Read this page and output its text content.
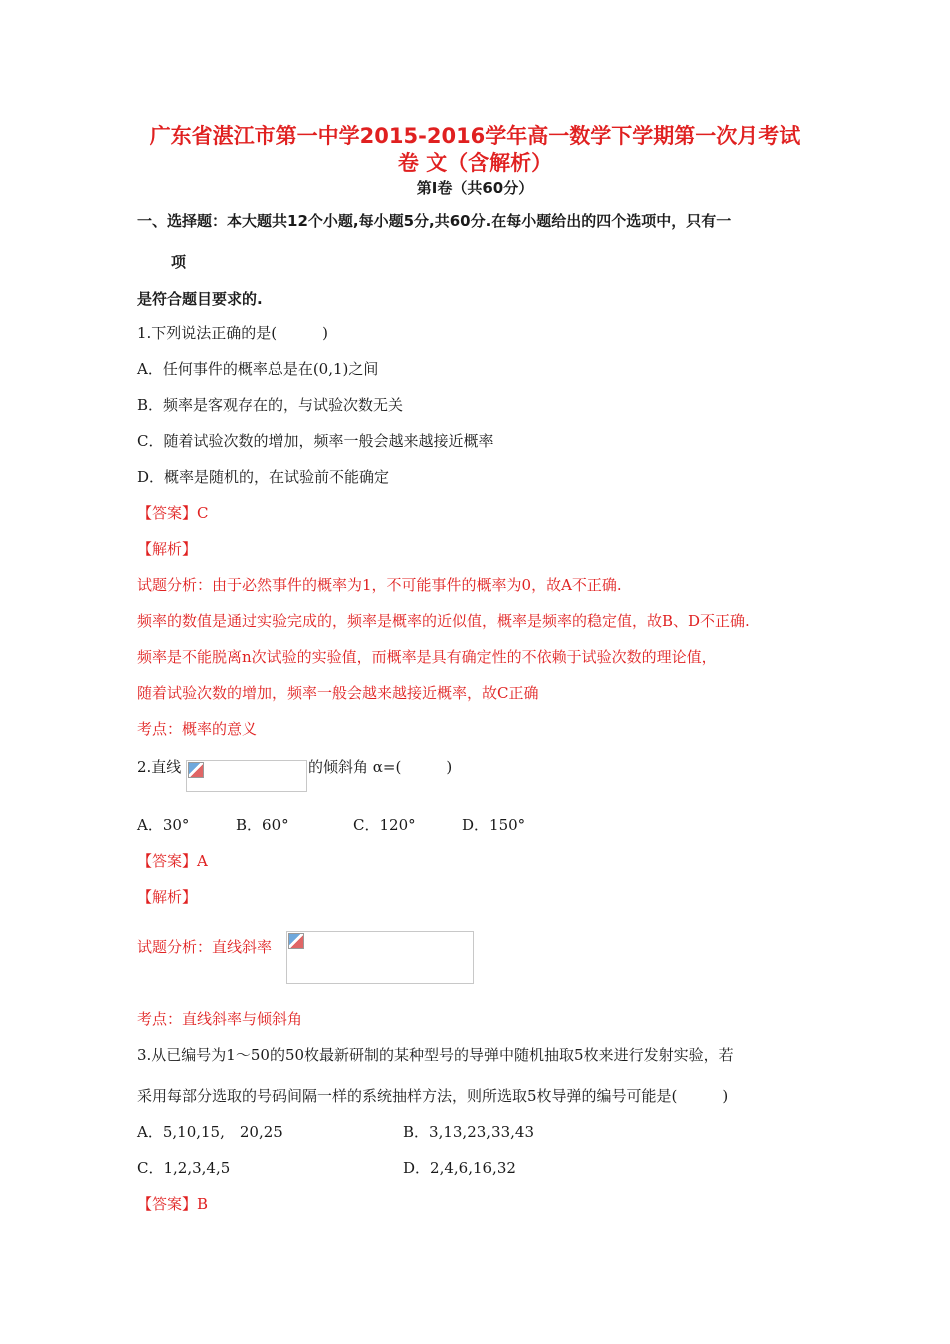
广东省湛江市第一中学2015-2016学年高一数学下学期第一次月考试
卷 文（含解析）
第Ⅰ卷（共60分）
一、选择题：本大题共12个小题,每小题5分,共60分.在每小题给出的四个选项中，只有一
项
是符合题目要求的.
1.下列说法正确的是(　　　)
A．任何事件的概率总是在(0,1)之间
B．频率是客观存在的，与试验次数无关
C．随着试验次数的增加，频率一般会越来越接近概率
D．概率是随机的，在试验前不能确定
【答案】C
【解析】
试题分析：由于必然事件的概率为1，不可能事件的概率为0，故A不正确.
频率的数值是通过实验完成的，频率是概率的近似值，概率是频率的稳定值，故B、D不正确.
频率是不能脱离n次试验的实验值，而概率是具有确定性的不依赖于试验次数的理论值，
随着试验次数的增加，频率一般会越来越接近概率，故C正确
考点：概率的意义
2.直线	的倾斜角 α=(　　　)
A．30°	B．60°	C．120°	D．150°
【答案】A
【解析】
试题分析：直线斜率
考点：直线斜率与倾斜角
3.从已编号为1～50的50枚最新研制的某种型号的导弹中随机抽取5枚来进行发射实验，若
采用每部分选取的号码间隔一样的系统抽样方法，则所选取5枚导弹的编号可能是(　　　)
A．5,10,15,　20,25	B．3,13,23,33,43
C．1,2,3,4,5	D．2,4,6,16,32
【答案】B
